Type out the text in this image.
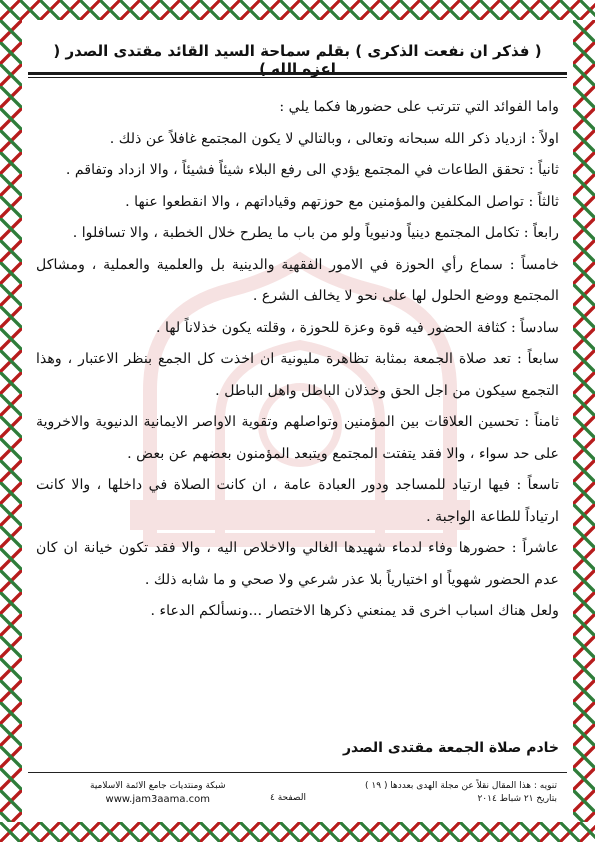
( فذكر ان نفعت الذكرى ) بقلم سماحة السيد القائد مقتدى الصدر ( اعزه الله )

واما الفوائد التي تترتب على حضورها فكما يلي :

اولاً : ازدياد ذكر الله سبحانه وتعالى ، وبالتالي لا يكون المجتمع غافلاً عن ذلك .

ثانياً : تحقق الطاعات في المجتمع يؤدي الى رفع البلاء شيئاً فشيئاً ، والا ازداد وتفاقم .

ثالثاً : تواصل المكلفين والمؤمنين مع حوزتهم وقياداتهم ، والا انقطعوا عنها .

رابعاً : تكامل المجتمع دينياً ودنيوياً ولو من باب ما يطرح خلال الخطبة ، والا تسافلوا .

خامساً : سماع رأي الحوزة في الامور الفقهية والدينية بل والعلمية والعملية ، ومشاكل المجتمع ووضع الحلول لها على نحو لا يخالف الشرع .

سادساً : كثافة الحضور فيه قوة وعزة للحوزة ، وقلته يكون خذلاناً لها .

سابعاً : تعد صلاة الجمعة بمثابة تظاهرة مليونية ان اخذت كل الجمع بنظر الاعتبار ، وهذا التجمع سيكون من اجل الحق وخذلان الباطل واهل الباطل .

ثامناً : تحسين العلاقات بين المؤمنين وتواصلهم وتقوية الاواصر الايمانية الدنيوية والاخروية على حد سواء ، والا فقد يتفتت المجتمع ويتبعد المؤمنون بعضهم عن بعض .

تاسعاً : فيها ارتياد للمساجد ودور العبادة عامة ، ان كانت الصلاة في داخلها ، والا كانت ارتياداً للطاعة الواجبة .

عاشراً : حضورها وفاء لدماء شهيدها الغالي والاخلاص اليه ، والا فقد تكون خيانة ان كان عدم الحضور شهوياً او اختيارياً بلا عذر شرعي ولا صحي و ما شابه ذلك .

ولعل هناك اسباب اخرى قد يمنعني ذكرها الاختصار ...ونسألكم الدعاء .

خادم صلاة الجمعة مقتدى الصدر
تنويه : هذا المقال نقلاً عن مجلة الهدى بعددها ( ١٩ )
بتاريخ ٢١ شباط ٢٠١٤
الصفحة ٤
شبكة ومنتديات جامع الائمة الاسلامية
www.jam3aama.com
